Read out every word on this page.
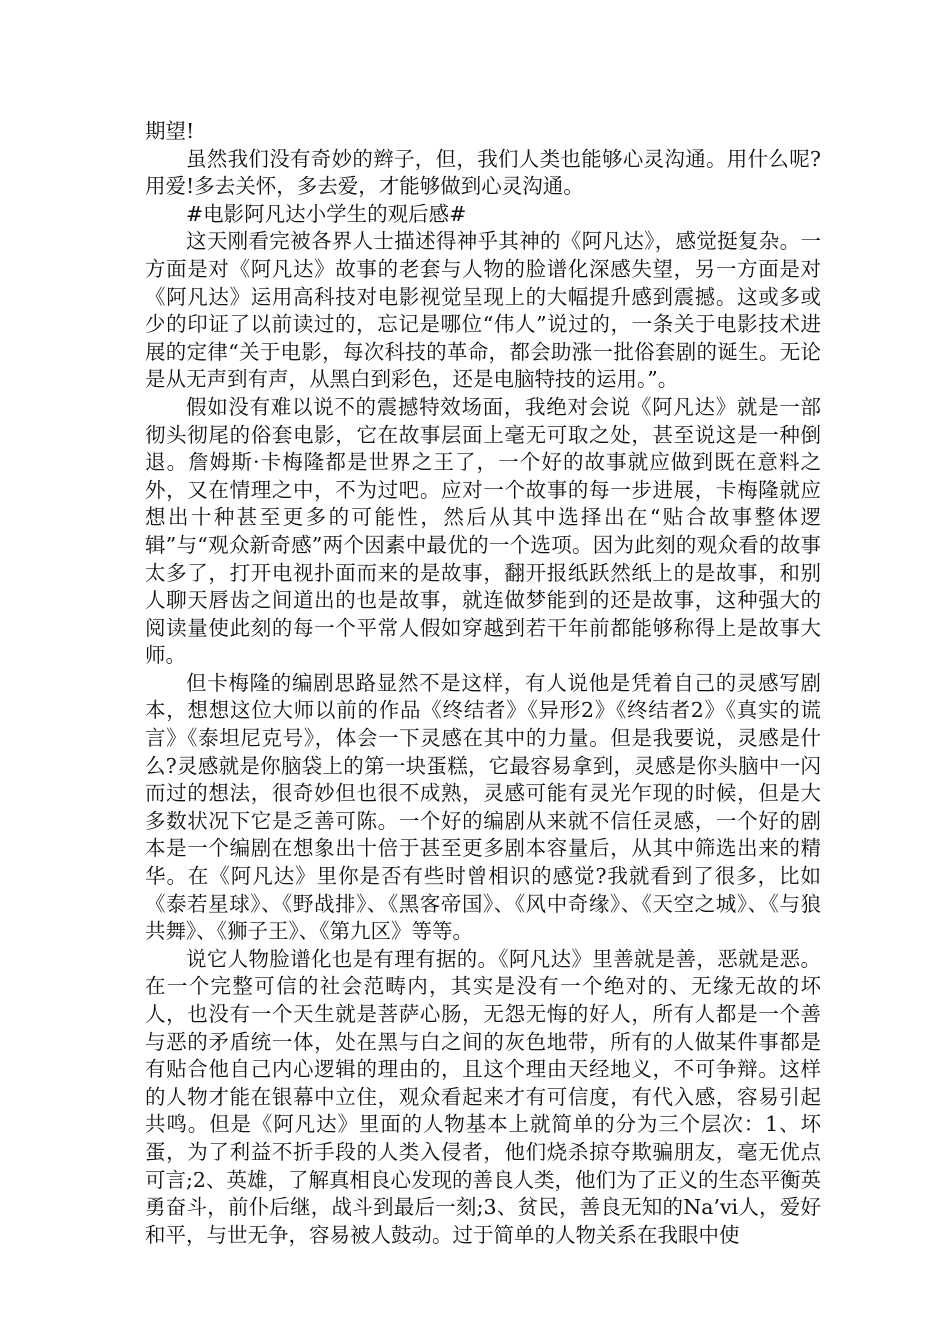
期望!

虽然我们没有奇妙的辫子，但，我们人类也能够心灵沟通。用什么呢?用爱!多去关怀，多去爱，才能够做到心灵沟通。

#电影阿凡达小学生的观后感#

这天刚看完被各界人士描述得神乎其神的《阿凡达》，感觉挺复杂。一方面是对《阿凡达》故事的老套与人物的脸谱化深感失望，另一方面是对《阿凡达》运用高科技对电影视觉呈现上的大幅提升感到震撼。这或多或少的印证了以前读过的，忘记是哪位“伟人”说过的，一条关于电影技术进展的定律“关于电影，每次科技的革命，都会助涨一批俗套剧的诞生。无论是从无声到有声，从黑白到彩色，还是电脑特技的运用。”。

假如没有难以说不的震撼特效场面，我绝对会说《阿凡达》就是一部彻头彻尾的俗套电影，它在故事层面上毫无可取之处，甚至说这是一种倒退。詹姆斯·卡梅隆都是世界之王了，一个好的故事就应做到既在意料之外，又在情理之中，不为过吧。应对一个故事的每一步进展，卡梅隆就应想出十种甚至更多的可能性，然后从其中选择出在“贴合故事整体逻辑”与“观众新奇感”两个因素中最优的一个选项。因为此刻的观众看的故事太多了，打开电视扑面而来的是故事，翻开报纸跃然纸上的是故事，和别人聊天唇齿之间道出的也是故事，就连做梦能到的还是故事，这种强大的阅读量使此刻的每一个平常人假如穿越到若干年前都能够称得上是故事大师。

但卡梅隆的编剧思路显然不是这样，有人说他是凭着自己的灵感写剧本，想想这位大师以前的作品《终结者》《异形2》《终结者2》《真实的谎言》《泰坦尼克号》，体会一下灵感在其中的力量。但是我要说，灵感是什么?灵感就是你脑袋上的第一块蛋糕，它最容易拿到，灵感是你头脑中一闪而过的想法，很奇妙但也很不成熟，灵感可能有灵光乍现的时候，但是大多数状况下它是乏善可陈。一个好的编剧从来就不信任灵感，一个好的剧本是一个编剧在想象出十倍于甚至更多剧本容量后，从其中筛选出来的精华。在《阿凡达》里你是否有些时曾相识的感觉?我就看到了很多，比如《泰若星球》、《野战排》、《黑客帝国》、《风中奇缘》、《天空之城》、《与狼共舞》、《狮子王》、《第九区》等等。

说它人物脸谱化也是有理有据的。《阿凡达》里善就是善，恶就是恶。在一个完整可信的社会范畴内，其实是没有一个绝对的、无缘无故的坏人，也没有一个天生就是菩萨心肠，无怨无悔的好人，所有人都是一个善与恶的矛盾统一体，处在黑与白之间的灰色地带，所有的人做某件事都是有贴合他自己内心逻辑的理由的，且这个理由天经地义，不可争辩。这样的人物才能在银幕中立住，观众看起来才有可信度，有代入感，容易引起共鸣。但是《阿凡达》里面的人物基本上就简单的分为三个层次：1、坏蛋，为了利益不折手段的人类入侵者，他们烧杀掠夺欺骗朋友，毫无优点可言;2、英雄，了解真相良心发现的善良人类，他们为了正义的生态平衡英勇奋斗，前仆后继，战斗到最后一刻;3、贫民，善良无知的Na’vi人，爱好和平，与世无争，容易被人鼓动。过于简单的人物关系在我眼中使
